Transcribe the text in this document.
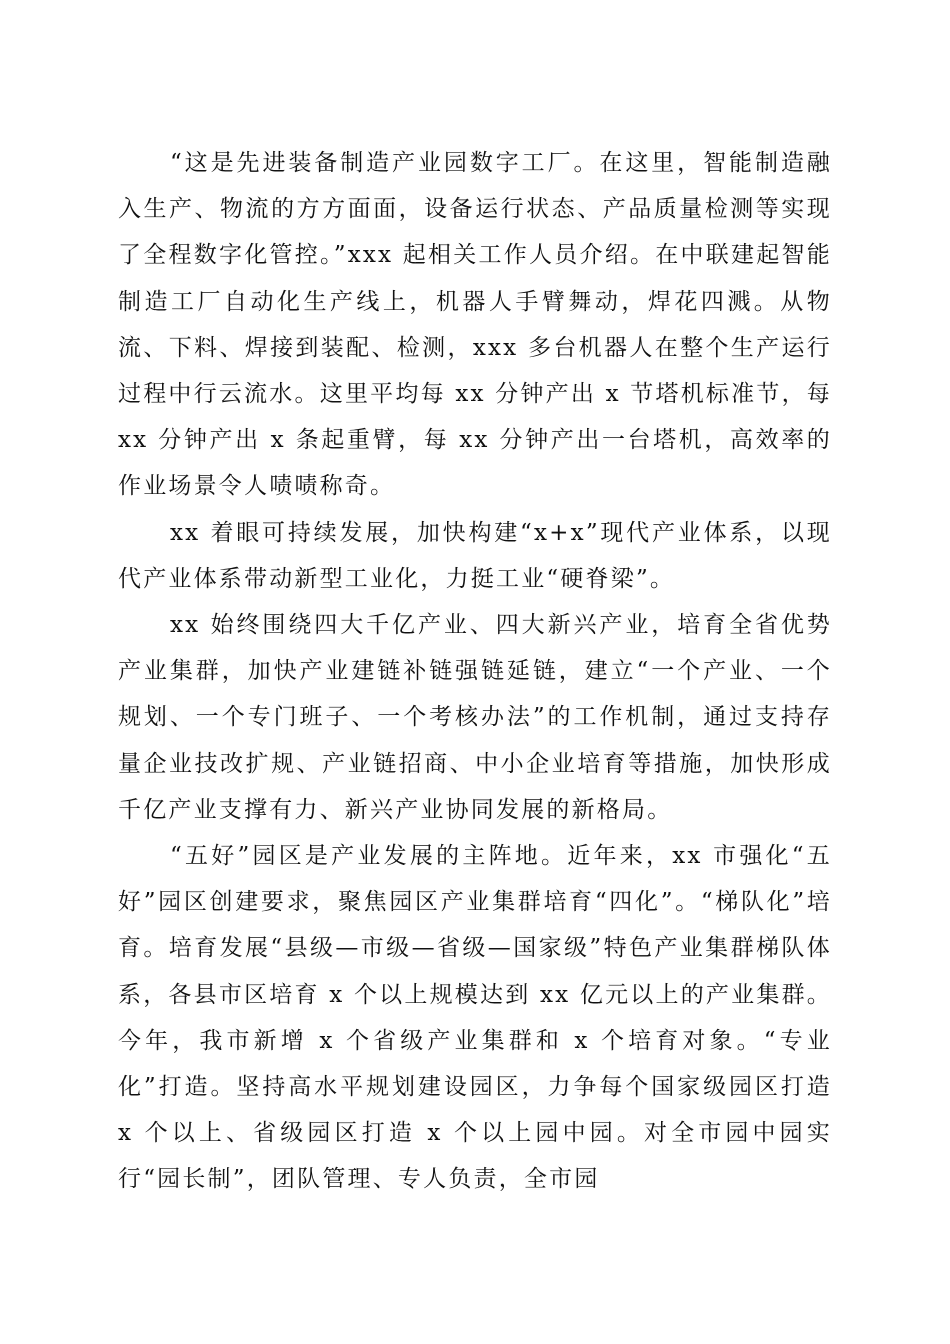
“这是先进装备制造产业园数字工厂。在这里，智能制造融入生产、物流的方方面面，设备运行状态、产品质量检测等实现了全程数字化管控。”xxx 起相关工作人员介绍。在中联建起智能制造工厂自动化生产线上，机器人手臂舞动，焊花四溅。从物流、下料、焊接到装配、检测，xxx 多台机器人在整个生产运行过程中行云流水。这里平均每 xx 分钟产出 x 节塔机标准节，每 xx 分钟产出 x 条起重臂，每 xx 分钟产出一台塔机，高效率的作业场景令人啧啧称奇。

xx 着眼可持续发展，加快构建“x+x”现代产业体系，以现代产业体系带动新型工业化，力挺工业“硬脊梁”。

xx 始终围绕四大千亿产业、四大新兴产业，培育全省优势产业集群，加快产业建链补链强链延链，建立“一个产业、一个规划、一个专门班子、一个考核办法”的工作机制，通过支持存量企业技改扩规、产业链招商、中小企业培育等措施，加快形成千亿产业支撑有力、新兴产业协同发展的新格局。

“五好”园区是产业发展的主阵地。近年来，xx 市强化“五好”园区创建要求，聚焦园区产业集群培育“四化”。“梯队化”培育。培育发展“县级—市级—省级—国家级”特色产业集群梯队体系，各县市区培育 x 个以上规模达到 xx 亿元以上的产业集群。今年，我市新增 x 个省级产业集群和 x 个培育对象。“专业化”打造。坚持高水平规划建设园区，力争每个国家级园区打造 x 个以上、省级园区打造 x 个以上园中园。对全市园中园实行“园长制”，团队管理、专人负责，全市园
